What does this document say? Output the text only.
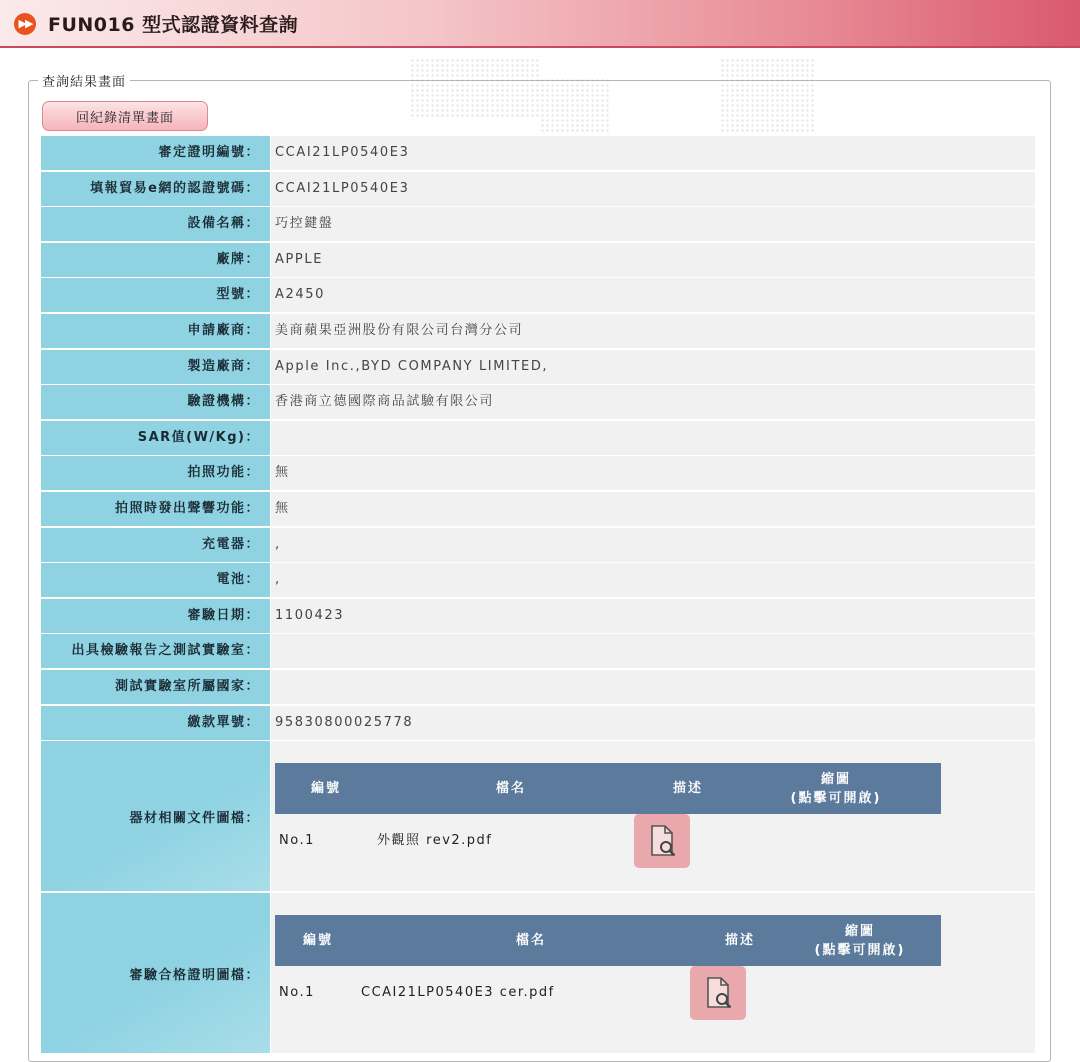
▶▶ FUN016 型式認證資料查詢
查詢結果畫面
回紀錄清單畫面
審定證明編號：	CCAI21LP0540E3
填報貿易e網的認證號碼：	CCAI21LP0540E3
設備名稱：	巧控鍵盤
廠牌：	APPLE
型號：	A2450
申請廠商：	美商蘋果亞洲股份有限公司台灣分公司
製造廠商：	Apple Inc.,BYD COMPANY LIMITED,
驗證機構：	香港商立德國際商品試驗有限公司
SAR值(W/Kg)：
拍照功能：	無
拍照時發出聲響功能：	無
充電器：	,
電池：	,
審驗日期：	1100423
出具檢驗報告之測試實驗室：
測試實驗室所屬國家：
繳款單號：	95830800025778
器材相關文件圖檔：
編號	檔名	描述	縮圖
(點擊可開啟)
No.1	外觀照 rev2.pdf	
審驗合格證明圖檔：
編號	檔名	描述	縮圖
(點擊可開啟)
No.1	CCAI21LP0540E3 cer.pdf	
